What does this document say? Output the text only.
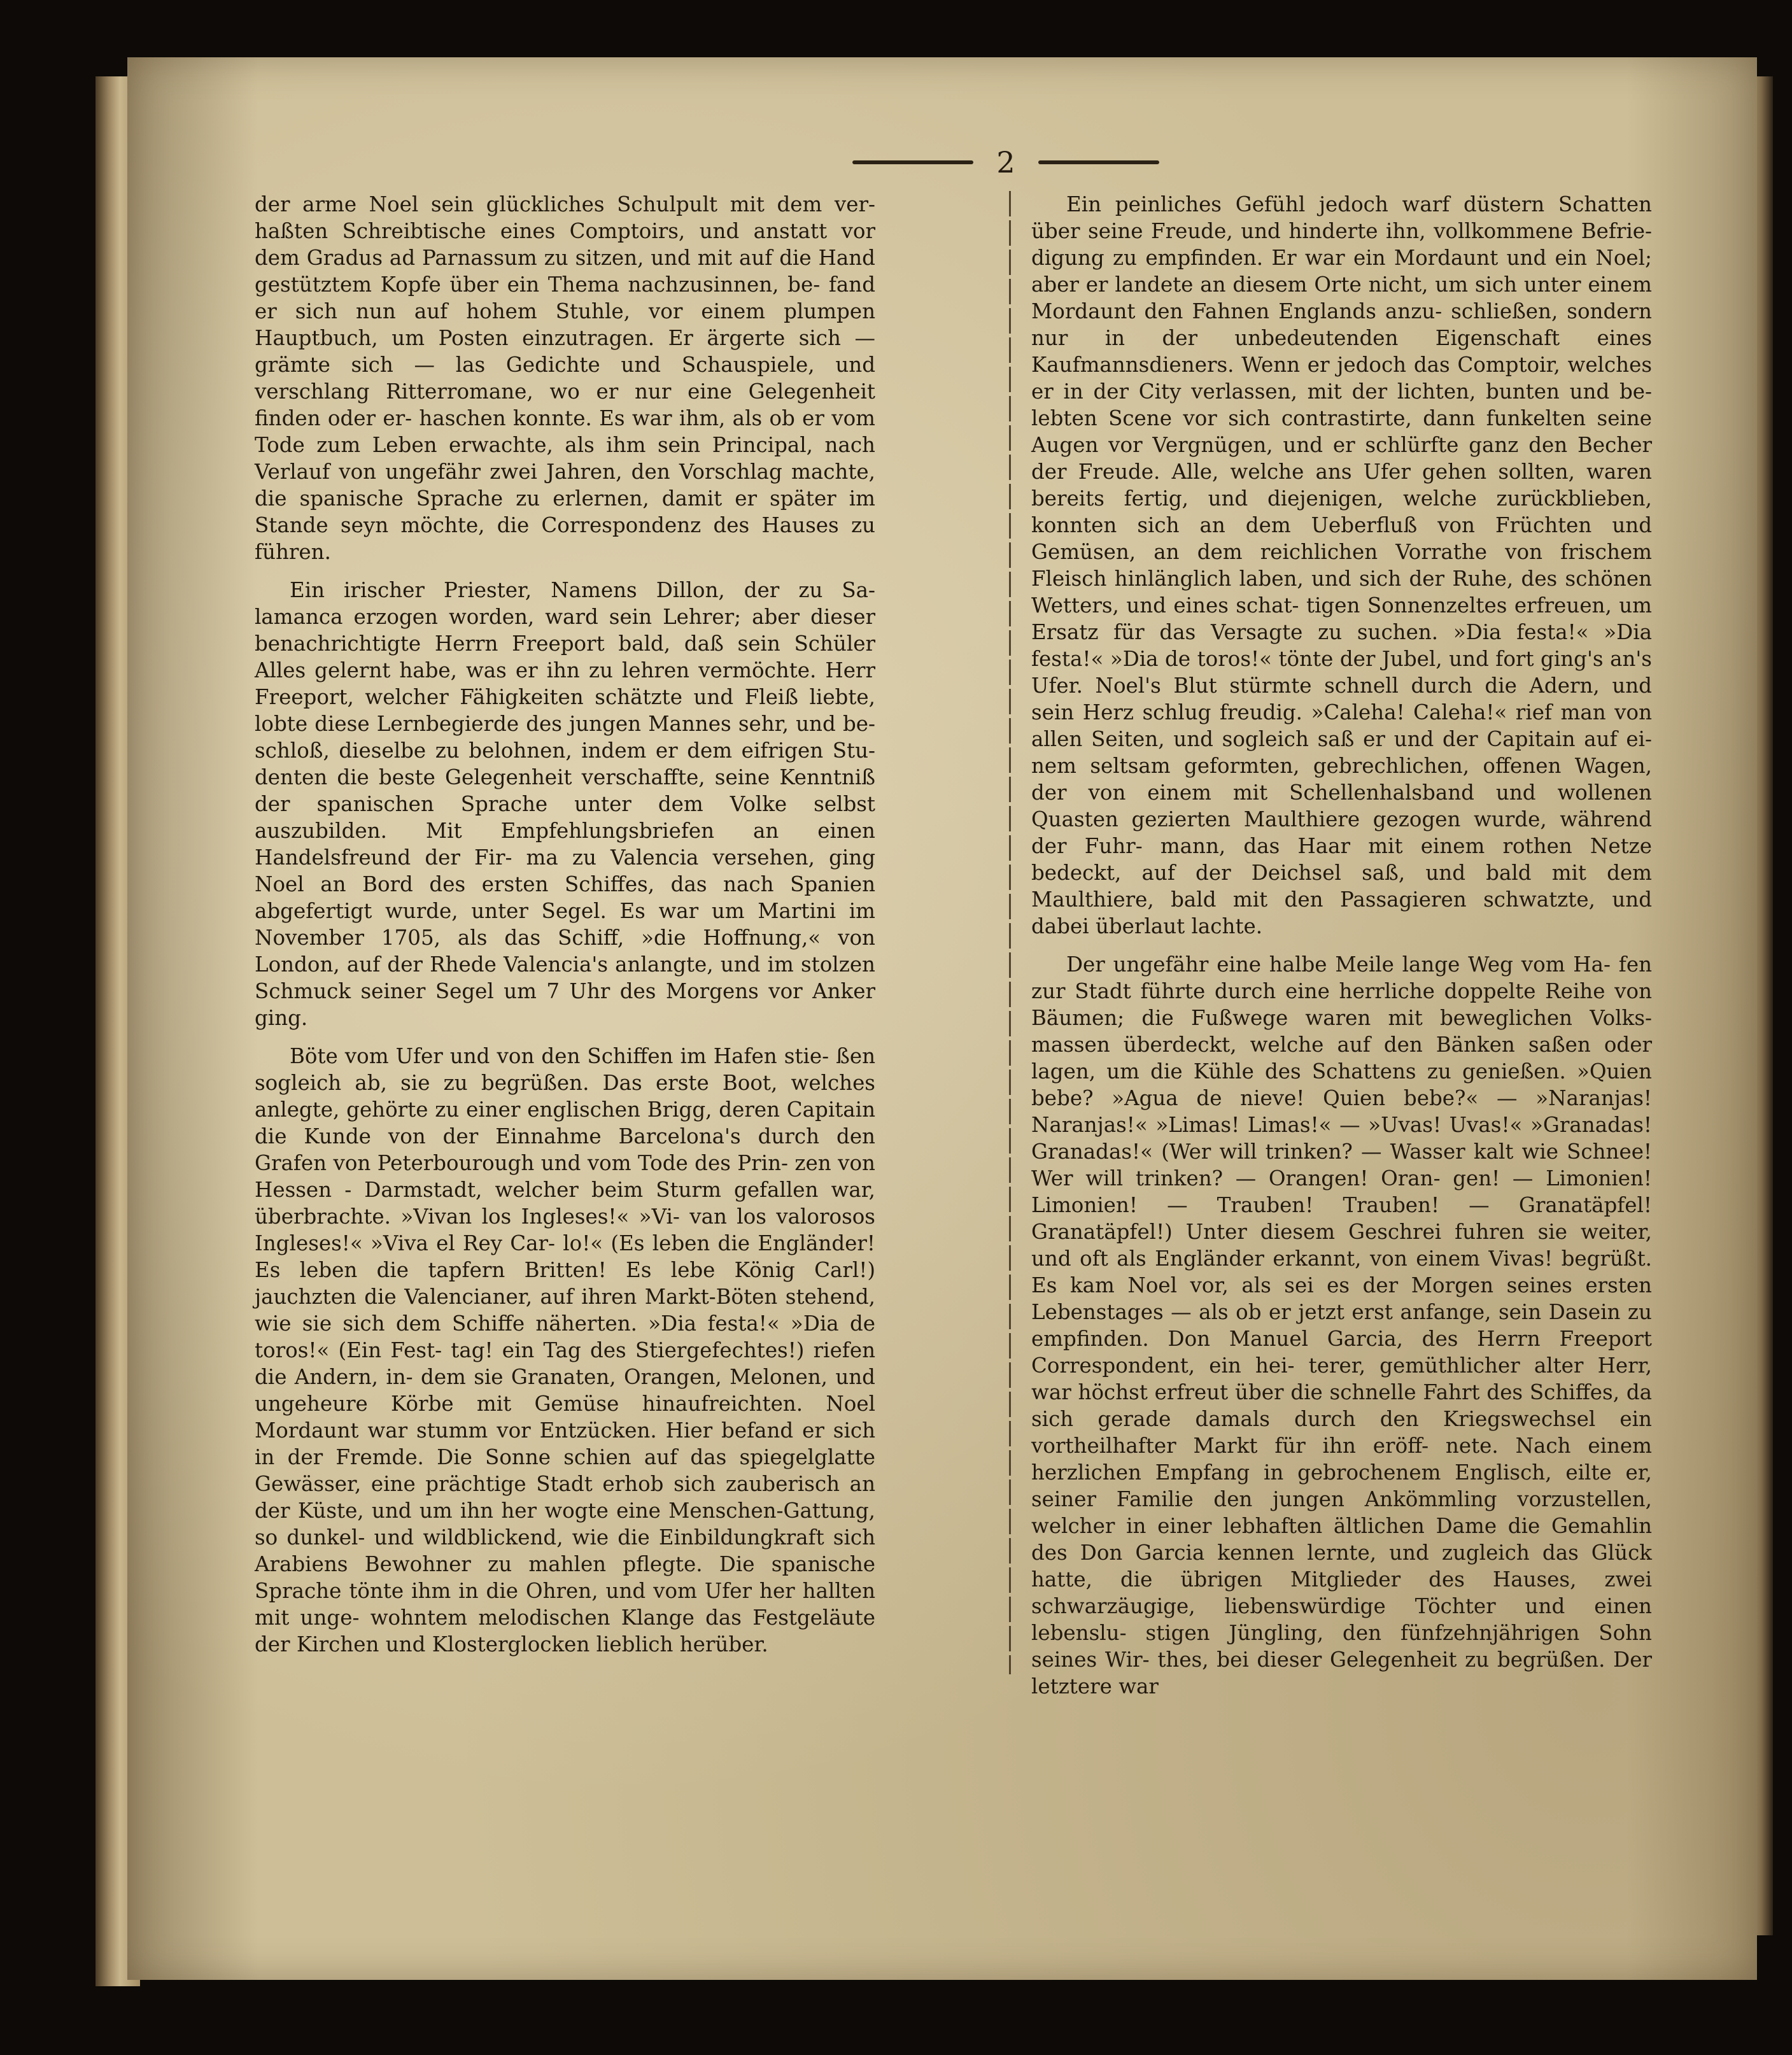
2

der arme Noel sein glückliches Schulpult mit dem ver- haßten Schreibtische eines Comptoirs, und anstatt vor dem Gradus ad Parnassum zu sitzen, und mit auf die Hand gestütztem Kopfe über ein Thema nachzusinnen, be- fand er sich nun auf hohem Stuhle, vor einem plumpen Hauptbuch, um Posten einzutragen. Er ärgerte sich — grämte sich — las Gedichte und Schauspiele, und verschlang Ritterromane, wo er nur eine Gelegenheit finden oder er- haschen konnte. Es war ihm, als ob er vom Tode zum Leben erwachte, als ihm sein Principal, nach Verlauf von ungefähr zwei Jahren, den Vorschlag machte, die spanische Sprache zu erlernen, damit er später im Stande seyn möchte, die Correspondenz des Hauses zu führen.

Ein irischer Priester, Namens Dillon, der zu Sa- lamanca erzogen worden, ward sein Lehrer; aber dieser benachrichtigte Herrn Freeport bald, daß sein Schüler Alles gelernt habe, was er ihn zu lehren vermöchte. Herr Freeport, welcher Fähigkeiten schätzte und Fleiß liebte, lobte diese Lernbegierde des jungen Mannes sehr, und be- schloß, dieselbe zu belohnen, indem er dem eifrigen Stu- denten die beste Gelegenheit verschaffte, seine Kenntniß der spanischen Sprache unter dem Volke selbst auszubilden. Mit Empfehlungsbriefen an einen Handelsfreund der Fir- ma zu Valencia versehen, ging Noel an Bord des ersten Schiffes, das nach Spanien abgefertigt wurde, unter Segel. Es war um Martini im November 1705, als das Schiff, »die Hoffnung,« von London, auf der Rhede Valencia's anlangte, und im stolzen Schmuck seiner Segel um 7 Uhr des Morgens vor Anker ging.

Böte vom Ufer und von den Schiffen im Hafen stie- ßen sogleich ab, sie zu begrüßen. Das erste Boot, welches anlegte, gehörte zu einer englischen Brigg, deren Capitain die Kunde von der Einnahme Barcelona's durch den Grafen von Peterbourough und vom Tode des Prin- zen von Hessen - Darmstadt, welcher beim Sturm gefallen war, überbrachte. »Vivan los Ingleses!« »Vi- van los valorosos Ingleses!« »Viva el Rey Car- lo!« (Es leben die Engländer! Es leben die tapfern Britten! Es lebe König Carl!) jauchzten die Valencianer, auf ihren Markt-Böten stehend, wie sie sich dem Schiffe näherten. »Dia festa!« »Dia de toros!« (Ein Fest- tag! ein Tag des Stiergefechtes!) riefen die Andern, in- dem sie Granaten, Orangen, Melonen, und ungeheure Körbe mit Gemüse hinaufreichten. Noel Mordaunt war stumm vor Entzücken. Hier befand er sich in der Fremde. Die Sonne schien auf das spiegelglatte Gewässer, eine prächtige Stadt erhob sich zauberisch an der Küste, und um ihn her wogte eine Menschen-Gattung, so dunkel- und wildblickend, wie die Einbildungkraft sich Arabiens Bewohner zu mahlen pflegte. Die spanische Sprache tönte ihm in die Ohren, und vom Ufer her hallten mit unge- wohntem melodischen Klange das Festgeläute der Kirchen und Klosterglocken lieblich herüber.

Ein peinliches Gefühl jedoch warf düstern Schatten über seine Freude, und hinderte ihn, vollkommene Befrie- digung zu empfinden. Er war ein Mordaunt und ein Noel; aber er landete an diesem Orte nicht, um sich unter einem Mordaunt den Fahnen Englands anzu- schließen, sondern nur in der unbedeutenden Eigenschaft eines Kaufmannsdieners. Wenn er jedoch das Comptoir, welches er in der City verlassen, mit der lichten, bunten und be- lebten Scene vor sich contrastirte, dann funkelten seine Augen vor Vergnügen, und er schlürfte ganz den Becher der Freude. Alle, welche ans Ufer gehen sollten, waren bereits fertig, und diejenigen, welche zurückblieben, konnten sich an dem Ueberfluß von Früchten und Gemüsen, an dem reichlichen Vorrathe von frischem Fleisch hinlänglich laben, und sich der Ruhe, des schönen Wetters, und eines schat- tigen Sonnenzeltes erfreuen, um Ersatz für das Versagte zu suchen. »Dia festa!« »Dia festa!« »Dia de toros!« tönte der Jubel, und fort ging's an's Ufer. Noel's Blut stürmte schnell durch die Adern, und sein Herz schlug freudig. »Caleha! Caleha!« rief man von allen Seiten, und sogleich saß er und der Capitain auf ei- nem seltsam geformten, gebrechlichen, offenen Wagen, der von einem mit Schellenhalsband und wollenen Quasten gezierten Maulthiere gezogen wurde, während der Fuhr- mann, das Haar mit einem rothen Netze bedeckt, auf der Deichsel saß, und bald mit dem Maulthiere, bald mit den Passagieren schwatzte, und dabei überlaut lachte.

Der ungefähr eine halbe Meile lange Weg vom Ha- fen zur Stadt führte durch eine herrliche doppelte Reihe von Bäumen; die Fußwege waren mit beweglichen Volks- massen überdeckt, welche auf den Bänken saßen oder lagen, um die Kühle des Schattens zu genießen. »Quien bebe? »Agua de nieve! Quien bebe?« — »Naranjas! Naranjas!« »Limas! Limas!« — »Uvas! Uvas!« »Granadas! Granadas!« (Wer will trinken? — Wasser kalt wie Schnee! Wer will trinken? — Orangen! Oran- gen! — Limonien! Limonien! — Trauben! Trauben! — Granatäpfel! Granatäpfel!) Unter diesem Geschrei fuhren sie weiter, und oft als Engländer erkannt, von einem Vivas! begrüßt. Es kam Noel vor, als sei es der Morgen seines ersten Lebenstages — als ob er jetzt erst anfange, sein Dasein zu empfinden. Don Manuel Garcia, des Herrn Freeport Correspondent, ein hei- terer, gemüthlicher alter Herr, war höchst erfreut über die schnelle Fahrt des Schiffes, da sich gerade damals durch den Kriegswechsel ein vortheilhafter Markt für ihn eröff- nete. Nach einem herzlichen Empfang in gebrochenem Englisch, eilte er, seiner Familie den jungen Ankömmling vorzustellen, welcher in einer lebhaften ältlichen Dame die Gemahlin des Don Garcia kennen lernte, und zugleich das Glück hatte, die übrigen Mitglieder des Hauses, zwei schwarzäugige, liebenswürdige Töchter und einen lebenslu- stigen Jüngling, den fünfzehnjährigen Sohn seines Wir- thes, bei dieser Gelegenheit zu begrüßen. Der letztere war
